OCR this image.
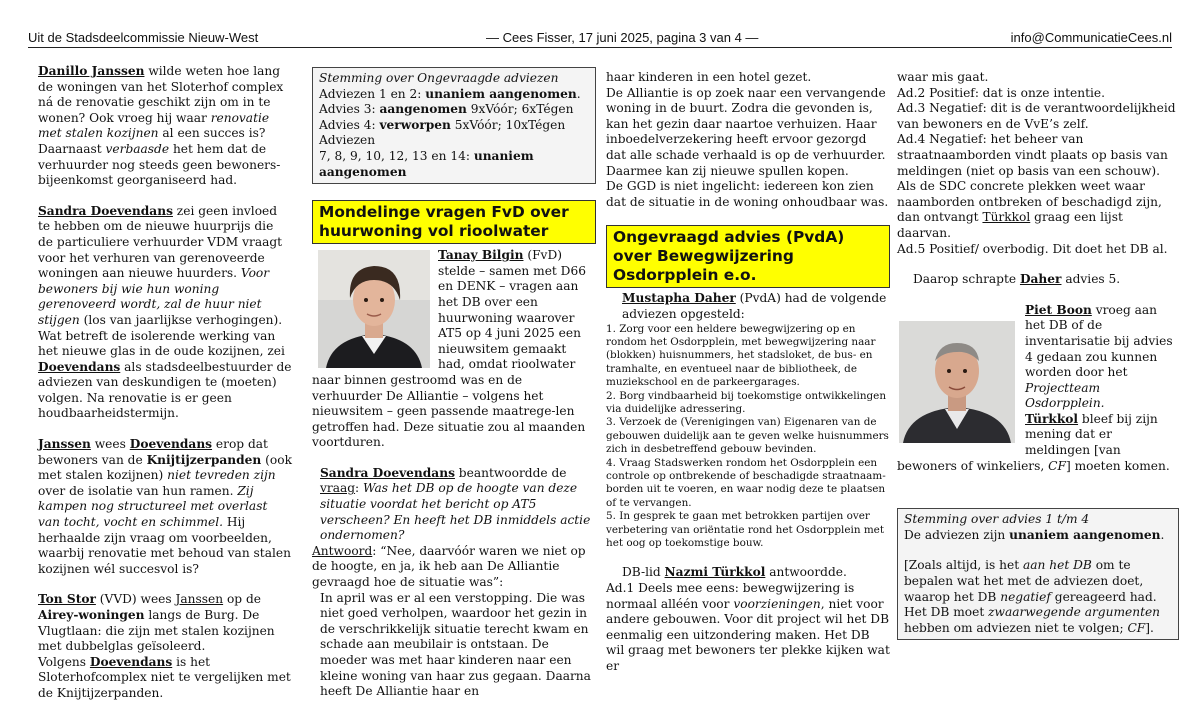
Uit de Stadsdeelcommissie Nieuw-West	— Cees Fisser, 17 juni 2025, pagina 3 van 4 —	info@CommunicatieCees.nl

Danillo Janssen wilde weten hoe lang de woningen van het Sloterhof complex ná de renovatie geschikt zijn om in te wonen? Ook vroeg hij waar renovatie met stalen kozijnen al een succes is? Daarnaast verbaasde het hem dat de verhuurder nog steeds geen bewoners-bijeenkomst georganiseerd had.

Sandra Doevendans zei geen invloed te hebben om de nieuwe huurprijs die de particuliere verhuurder VDM vraagt voor het verhuren van gerenoveerde woningen aan nieuwe huurders. Voor bewoners bij wie hun woning gerenoveerd wordt, zal de huur niet stijgen (los van jaarlijkse verhogingen).

Wat betreft de isolerende werking van het nieuwe glas in de oude kozijnen, zei Doevendans als stadsdeelbestuurder de adviezen van deskundigen te (moeten) volgen. Na renovatie is er geen houdbaarheidstermijn.

Janssen wees Doevendans erop dat bewoners van de Knijtijzerpanden (ook met stalen kozijnen) niet tevreden zijn over de isolatie van hun ramen. Zij kampen nog structureel met overlast van tocht, vocht en schimmel. Hij herhaalde zijn vraag om voorbeelden, waarbij renovatie met behoud van stalen kozijnen wél succesvol is?

Ton Stor (VVD) wees Janssen op de Airey-woningen langs de Burg. De Vlugtlaan: die zijn met stalen kozijnen met dubbelglas geïsoleerd.

Volgens Doevendans is het Sloterhofcomplex niet te vergelijken met de Knijtijzerpanden.

Stemming over Ongevraagde adviezen

Adviezen 1 en 2: unaniem aangenomen.

Advies 3: aangenomen 9xVóór; 6xTégen

Advies 4: verworpen 5xVóór; 10xTégen

Adviezen

7, 8, 9, 10, 12, 13 en 14: unaniem aangenomen

Mondelinge vragen FvD over huurwoning vol rioolwater

Tanay Bilgin (FvD) stelde – samen met D66 en DENK – vragen aan het DB over een huurwoning waarover AT5 op 4 juni 2025 een nieuwsitem gemaakt had, omdat rioolwater naar binnen gestroomd was en de verhuurder De Alliantie – volgens het nieuwsitem – geen passende maatrege-len getroffen had. Deze situatie zou al maanden voortduren.

Sandra Doevendans beantwoordde de vraag: Was het DB op de hoogte van deze situatie voordat het bericht op AT5 verscheen? En heeft het DB inmiddels actie ondernomen?

Antwoord: “Nee, daarvóór waren we niet op de hoogte, en ja, ik heb aan De Alliantie gevraagd hoe de situatie was”:

In april was er al een verstopping. Die was niet goed verholpen, waardoor het gezin in de verschrikkelijk situatie terecht kwam en schade aan meubilair is ontstaan. De moeder was met haar kinderen naar een kleine woning van haar zus gegaan. Daarna heeft De Alliantie haar en

haar kinderen in een hotel gezet.

De Alliantie is op zoek naar een vervangende woning in de buurt. Zodra die gevonden is, kan het gezin daar naartoe verhuizen. Haar inboedelverzekering heeft ervoor gezorgd dat alle schade verhaald is op de verhuurder. Daarmee kan zij nieuwe spullen kopen.

De GGD is niet ingelicht: iedereen kon zien dat de situatie in de woning onhoudbaar was.

Ongevraagd advies (PvdA) over Bewegwijzering Osdorpplein e.o.

Mustapha Daher (PvdA) had de volgende adviezen opgesteld:

1. Zorg voor een heldere bewegwijzering op en rondom het Osdorpplein, met bewegwijzering naar (blokken) huisnummers, het stadsloket, de bus- en tramhalte, en eventueel naar de bibliotheek, de muziekschool en de parkeergarages.

2. Borg vindbaarheid bij toekomstige ontwikkelingen via duidelijke adressering.

3. Verzoek de (Verenigingen van) Eigenaren van de gebouwen duidelijk aan te geven welke huisnummers zich in desbetreffend gebouw bevinden.

4. Vraag Stadswerken rondom het Osdorpplein een controle op ontbrekende of beschadigde straatnaam-borden uit te voeren, en waar nodig deze te plaatsen of te vervangen.

5. In gesprek te gaan met betrokken partijen over verbetering van oriëntatie rond het Osdorpplein met het oog op toekomstige bouw.

DB-lid Nazmi Türkkol antwoordde.

Ad.1 Deels mee eens: bewegwijzering is normaal alléén voor voorzieningen, niet voor andere gebouwen. Voor dit project wil het DB eenmalig een uitzondering maken. Het DB wil graag met bewoners ter plekke kijken wat er

waar mis gaat.

Ad.2 Positief: dat is onze intentie.

Ad.3 Negatief: dit is de verantwoordelijkheid van bewoners en de VvE’s zelf.

Ad.4 Negatief: het beheer van straatnaamborden vindt plaats op basis van meldingen (niet op basis van een schouw).

Als de SDC concrete plekken weet waar naamborden ontbreken of beschadigd zijn, dan ontvangt Türkkol graag een lijst daarvan.

Ad.5 Positief/ overbodig. Dit doet het DB al.

Daarop schrapte Daher advies 5.

Piet Boon vroeg aan het DB of de inventarisatie bij advies 4 gedaan zou kunnen worden door het Projectteam Osdorpplein.

Türkkol bleef bij zijn mening dat er meldingen [van bewoners of winkeliers, CF] moeten komen.

Stemming over advies 1 t/m 4

De adviezen zijn unaniem aangenomen.

[Zoals altijd, is het aan het DB om te bepalen wat het met de adviezen doet, waarop het DB negatief gereageerd had. Het DB moet zwaarwegende argumenten hebben om adviezen niet te volgen; CF].
